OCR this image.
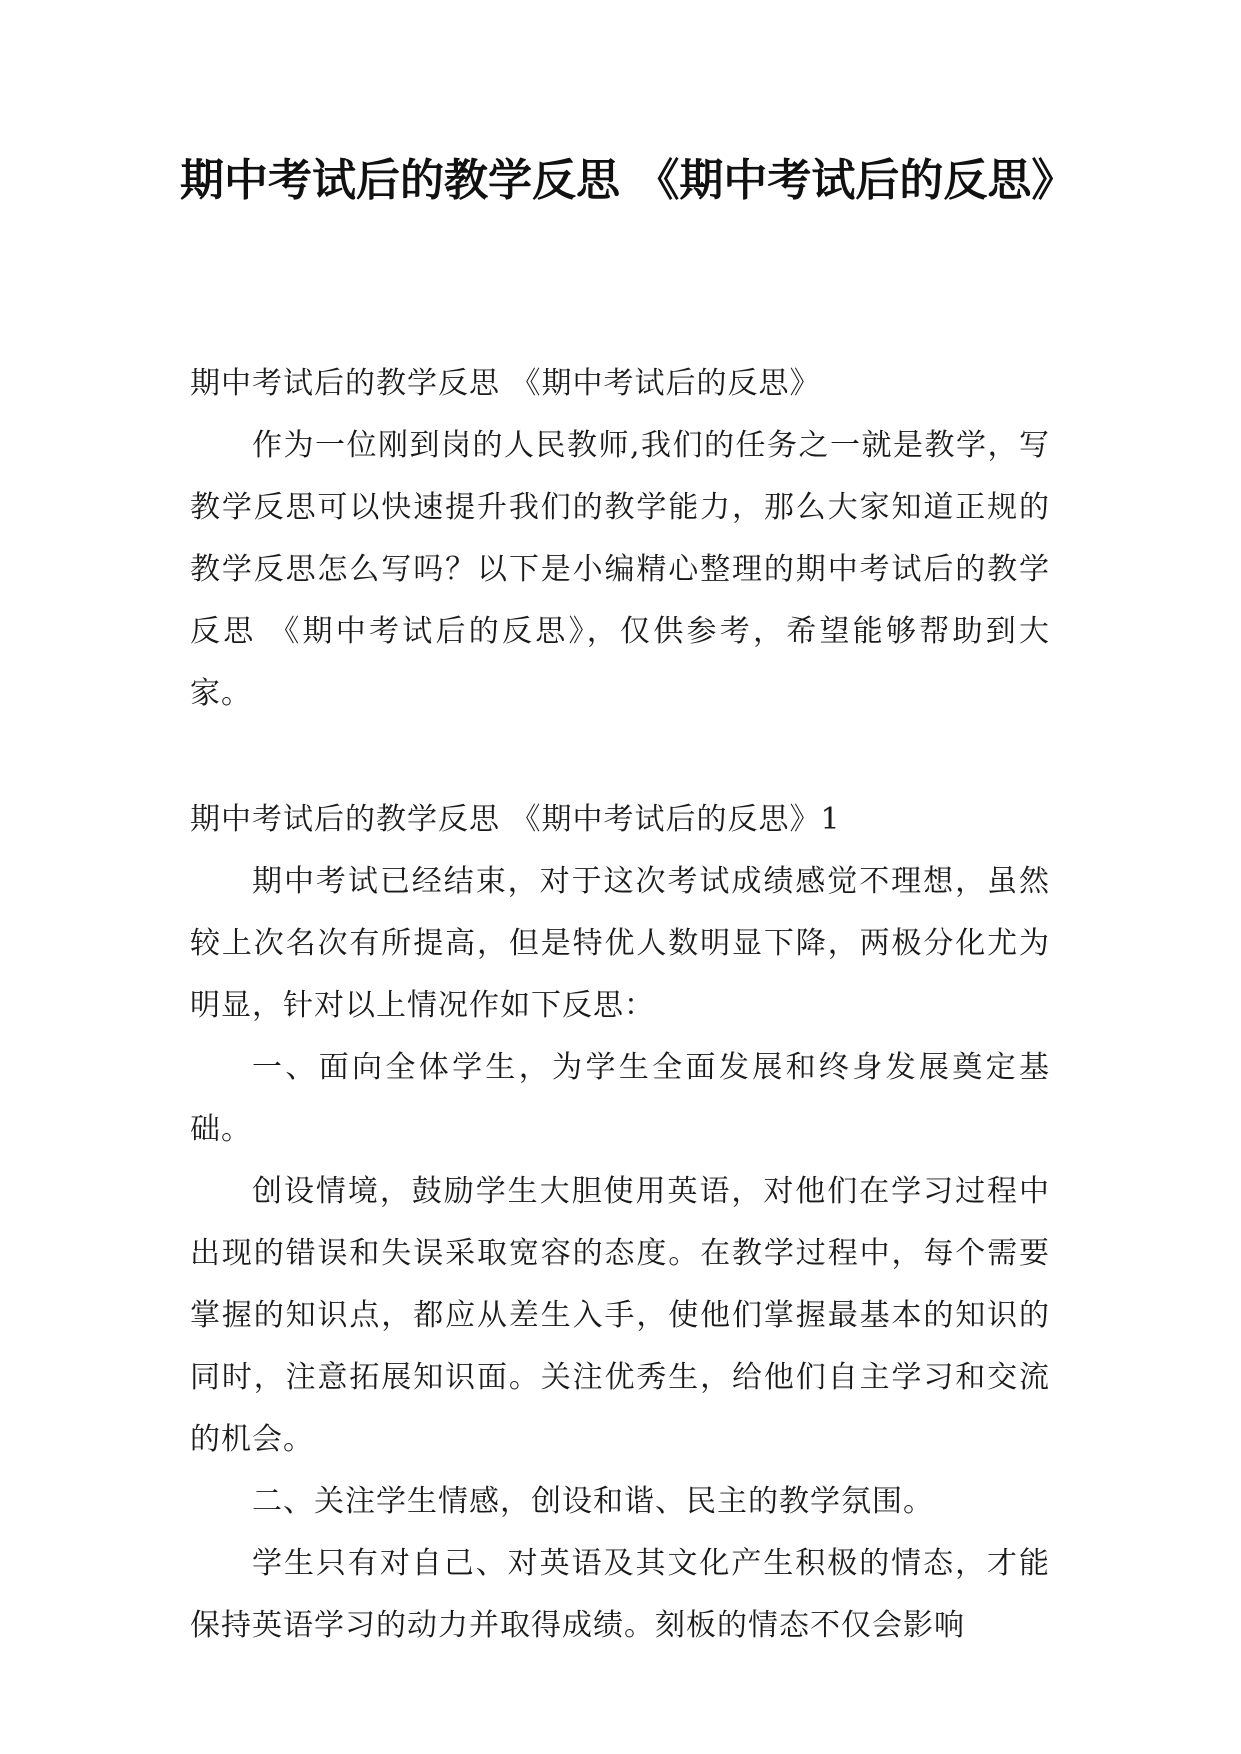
期中考试后的教学反思 《期中考试后的反思》

期中考试后的教学反思 《期中考试后的反思》

作为一位刚到岗的人民教师,我们的任务之一就是教学，写教学反思可以快速提升我们的教学能力，那么大家知道正规的教学反思怎么写吗？以下是小编精心整理的期中考试后的教学反思 《期中考试后的反思》，仅供参考，希望能够帮助到大家。

期中考试后的教学反思 《期中考试后的反思》1

期中考试已经结束，对于这次考试成绩感觉不理想，虽然较上次名次有所提高，但是特优人数明显下降，两极分化尤为明显，针对以上情况作如下反思：

一、面向全体学生，为学生全面发展和终身发展奠定基础。

创设情境，鼓励学生大胆使用英语，对他们在学习过程中出现的错误和失误采取宽容的态度。在教学过程中，每个需要掌握的知识点，都应从差生入手，使他们掌握最基本的知识的同时，注意拓展知识面。关注优秀生，给他们自主学习和交流的机会。

二、关注学生情感，创设和谐、民主的教学氛围。

学生只有对自己、对英语及其文化产生积极的情态，才能保持英语学习的动力并取得成绩。刻板的情态不仅会影响
